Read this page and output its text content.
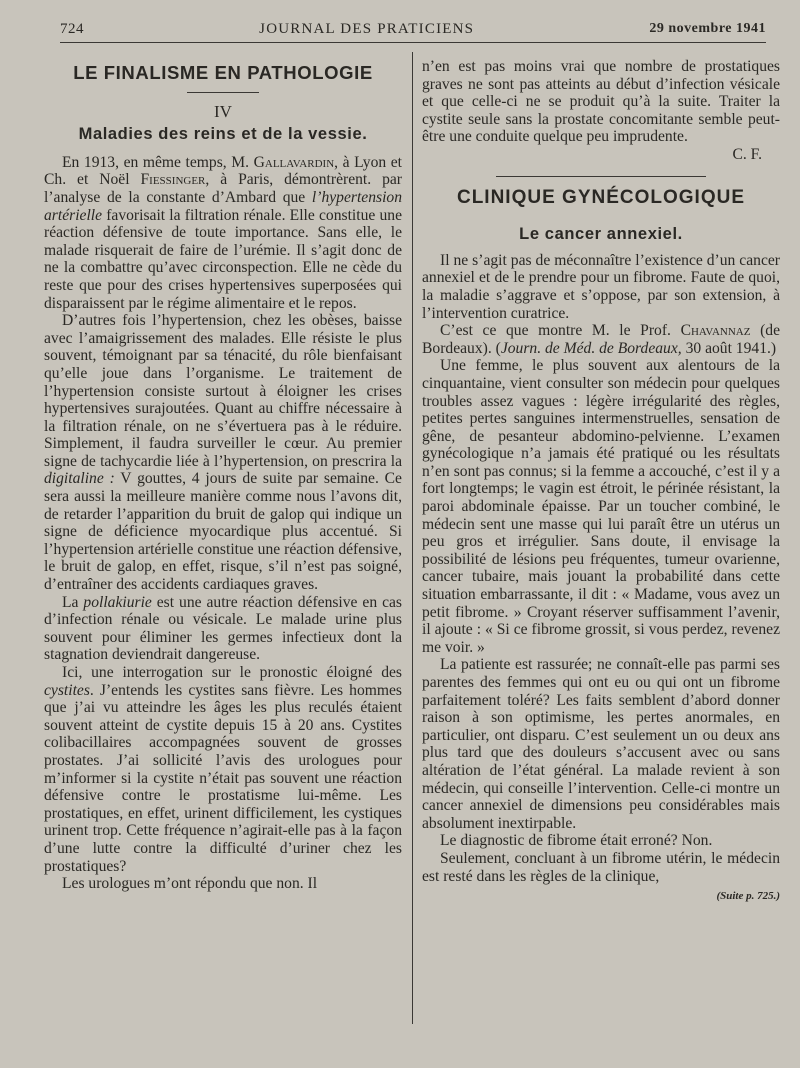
724	JOURNAL DES PRATICIENS	29 novembre 1941
LE FINALISME EN PATHOLOGIE
IV
Maladies des reins et de la vessie.

En 1913, en même temps, M. Gallavardin, à Lyon et Ch. et Noël Fiessinger, à Paris, démontrèrent. par l’analyse de la constante d’Ambard que l’hypertension artérielle favorisait la filtration rénale. Elle constitue une réaction défensive de toute importance. Sans elle, le malade risquerait de faire de l’urémie. Il s’agit donc de ne la combattre qu’avec circonspection. Elle ne cède du reste que pour des crises hypertensives superposées qui disparaissent par le régime alimentaire et le repos.

D’autres fois l’hypertension, chez les obèses, baisse avec l’amaigrissement des malades. Elle résiste le plus souvent, témoignant par sa ténacité, du rôle bienfaisant qu’elle joue dans l’organisme. Le traitement de l’hypertension consiste surtout à éloigner les crises hypertensives surajoutées. Quant au chiffre nécessaire à la filtration rénale, on ne s’évertuera pas à le réduire. Simplement, il faudra surveiller le cœur. Au premier signe de tachycardie liée à l’hypertension, on prescrira la digitaline : V gouttes, 4 jours de suite par semaine. Ce sera aussi la meilleure manière comme nous l’avons dit, de retarder l’apparition du bruit de galop qui indique un signe de déficience myocardique plus accentué. Si l’hypertension artérielle constitue une réaction défensive, le bruit de galop, en effet, risque, s’il n’est pas soigné, d’entraîner des accidents cardiaques graves.

La pollakiurie est une autre réaction défensive en cas d’infection rénale ou vésicale. Le malade urine plus souvent pour éliminer les germes infectieux dont la stagnation deviendrait dangereuse.

Ici, une interrogation sur le pronostic éloigné des cystites. J’entends les cystites sans fièvre. Les hommes que j’ai vu atteindre les âges les plus reculés étaient souvent atteint de cystite depuis 15 à 20 ans. Cystites colibacillaires accompagnées souvent de grosses prostates. J’ai sollicité l’avis des urologues pour m’informer si la cystite n’était pas souvent une réaction défensive contre le prostatisme lui-même. Les prostatiques, en effet, urinent difficilement, les cystiques urinent trop. Cette fréquence n’agirait-elle pas à la façon d’une lutte contre la difficulté d’uriner chez les prostatiques?

Les urologues m’ont répondu que non. Il

n’en est pas moins vrai que nombre de prostatiques graves ne sont pas atteints au début d’infection vésicale et que celle-ci ne se produit qu’à la suite. Traiter la cystite seule sans la prostate concomitante semble peut-être une conduite quelque peu imprudente.

C. F.

CLINIQUE GYNÉCOLOGIQUE
Le cancer annexiel.

Il ne s’agit pas de méconnaître l’existence d’un cancer annexiel et de le prendre pour un fibrome. Faute de quoi, la maladie s’aggrave et s’oppose, par son extension, à l’intervention curatrice.

C’est ce que montre M. le Prof. Chavannaz (de Bordeaux). (Journ. de Méd. de Bordeaux, 30 août 1941.)

Une femme, le plus souvent aux alentours de la cinquantaine, vient consulter son médecin pour quelques troubles assez vagues : légère irrégularité des règles, petites pertes sanguines intermenstruelles, sensation de gêne, de pesanteur abdomino-pelvienne. L’examen gynécologique n’a jamais été pratiqué ou les résultats n’en sont pas connus; si la femme a accouché, c’est il y a fort longtemps; le vagin est étroit, le périnée résistant, la paroi abdominale épaisse. Par un toucher combiné, le médecin sent une masse qui lui paraît être un utérus un peu gros et irrégulier. Sans doute, il envisage la possibilité de lésions peu fréquentes, tumeur ovarienne, cancer tubaire, mais jouant la probabilité dans cette situation embarrassante, il dit : « Madame, vous avez un petit fibrome. » Croyant réserver suffisamment l’avenir, il ajoute : « Si ce fibrome grossit, si vous perdez, revenez me voir. »

La patiente est rassurée; ne connaît-elle pas parmi ses parentes des femmes qui ont eu ou qui ont un fibrome parfaitement toléré? Les faits semblent d’abord donner raison à son optimisme, les pertes anormales, en particulier, ont disparu. C’est seulement un ou deux ans plus tard que des douleurs s’accusent avec ou sans altération de l’état général. La malade revient à son médecin, qui conseille l’intervention. Celle-ci montre un cancer annexiel de dimensions peu considérables mais absolument inextirpable.

Le diagnostic de fibrome était erroné? Non.

Seulement, concluant à un fibrome utérin, le médecin est resté dans les règles de la clinique,

(Suite p. 725.)
